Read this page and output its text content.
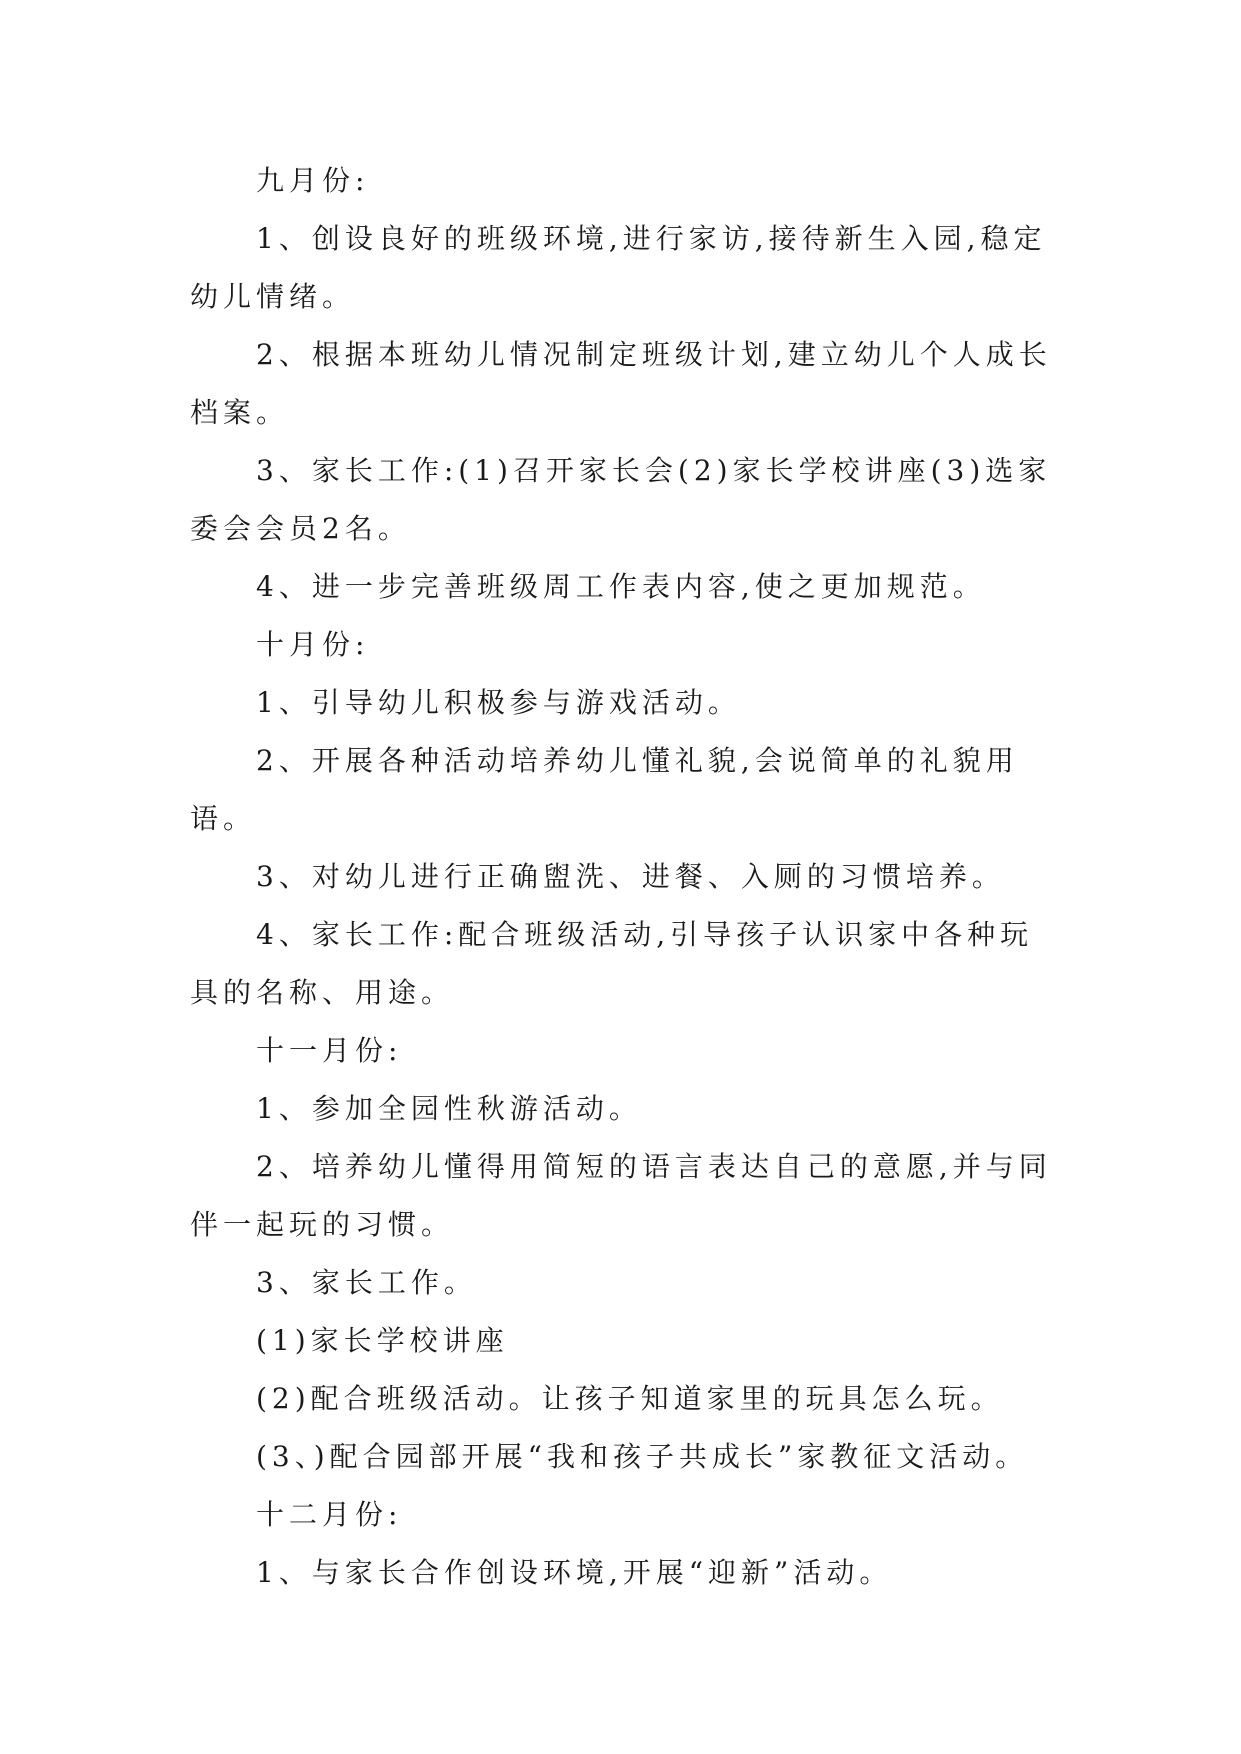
九月份:

1、创设良好的班级环境,进行家访,接待新生入园,稳定幼儿情绪。

2、根据本班幼儿情况制定班级计划,建立幼儿个人成长档案。

3、家长工作:(1)召开家长会(2)家长学校讲座(3)选家委会会员2名。

4、进一步完善班级周工作表内容,使之更加规范。

十月份:

1、引导幼儿积极参与游戏活动。

2、开展各种活动培养幼儿懂礼貌,会说简单的礼貌用语。

3、对幼儿进行正确盥洗、进餐、入厕的习惯培养。

4、家长工作:配合班级活动,引导孩子认识家中各种玩具的名称、用途。

十一月份:

1、参加全园性秋游活动。

2、培养幼儿懂得用简短的语言表达自己的意愿,并与同伴一起玩的习惯。

3、家长工作。

(1)家长学校讲座

(2)配合班级活动。让孩子知道家里的玩具怎么玩。

(3、)配合园部开展“我和孩子共成长”家教征文活动。

十二月份:

1、与家长合作创设环境,开展“迎新”活动。
